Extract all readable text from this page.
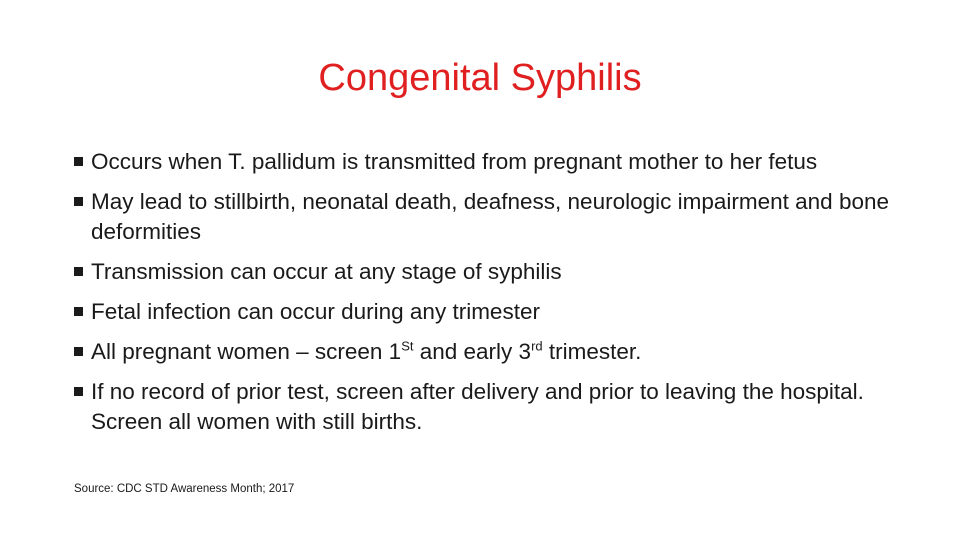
Congenital Syphilis
Occurs when T. pallidum is transmitted from pregnant mother to her fetus
May lead to stillbirth, neonatal death, deafness, neurologic impairment and bone deformities
Transmission can occur at any stage of syphilis
Fetal infection can occur during any trimester
All pregnant women – screen 1St and early 3rd trimester.
If no record of prior test, screen after delivery and prior to leaving the hospital. Screen all women with still births.
Source: CDC STD Awareness Month; 2017
